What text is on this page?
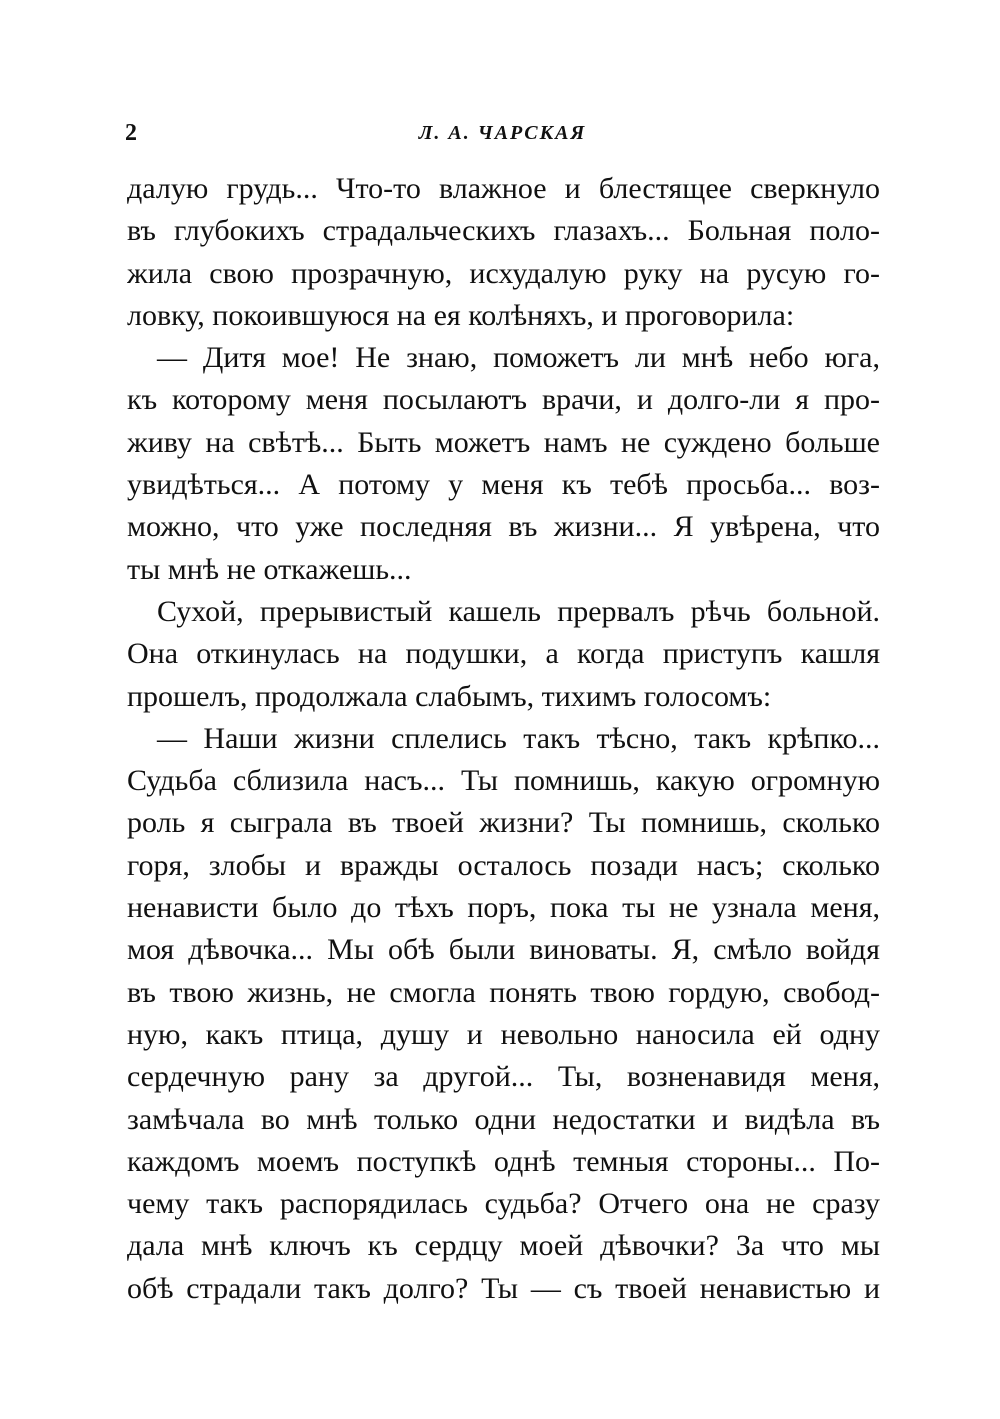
2	Л. А. ЧАРСКАЯ
далую грудь... Что-то влажное и блестящее сверкнуло
въ глубокихъ страдальческихъ глазахъ... Больная поло-
жила свою прозрачную, исхудалую руку на русую го-
ловку, покоившуюся на ея колѣняхъ, и проговорила:
— Дитя мое! Не знаю, поможетъ ли мнѣ небо юга,
къ которому меня посылаютъ врачи, и долго-ли я про-
живу на свѣтѣ... Быть можетъ намъ не суждено больше
увидѣться... А потому у меня къ тебѣ просьба... воз-
можно, что уже последняя въ жизни... Я увѣрена, что
ты мнѣ не откажешь...
Сухой, прерывистый кашель прервалъ рѣчь больной.
Она откинулась на подушки, а когда приступъ кашля
прошелъ, продолжала слабымъ, тихимъ голосомъ:
— Наши жизни сплелись такъ тѣсно, такъ крѣпко...
Судьба сблизила насъ... Ты помнишь, какую огромную
роль я сыграла въ твоей жизни? Ты помнишь, сколько
горя, злобы и вражды осталось позади насъ; сколько
ненависти было до тѣхъ поръ, пока ты не узнала меня,
моя дѣвочка... Мы обѣ были виноваты. Я, смѣло войдя
въ твою жизнь, не смогла понять твою гордую, свобод-
ную, какъ птица, душу и невольно наносила ей одну
сердечную рану за другой... Ты, возненавидя меня,
замѣчала во мнѣ только одни недостатки и видѣла въ
каждомъ моемъ поступкѣ однѣ темныя стороны... По-
чему такъ распорядилась судьба? Отчего она не сразу
дала мнѣ ключъ къ сердцу моей дѣвочки? За что мы
обѣ страдали такъ долго? Ты — съ твоей ненавистью и
